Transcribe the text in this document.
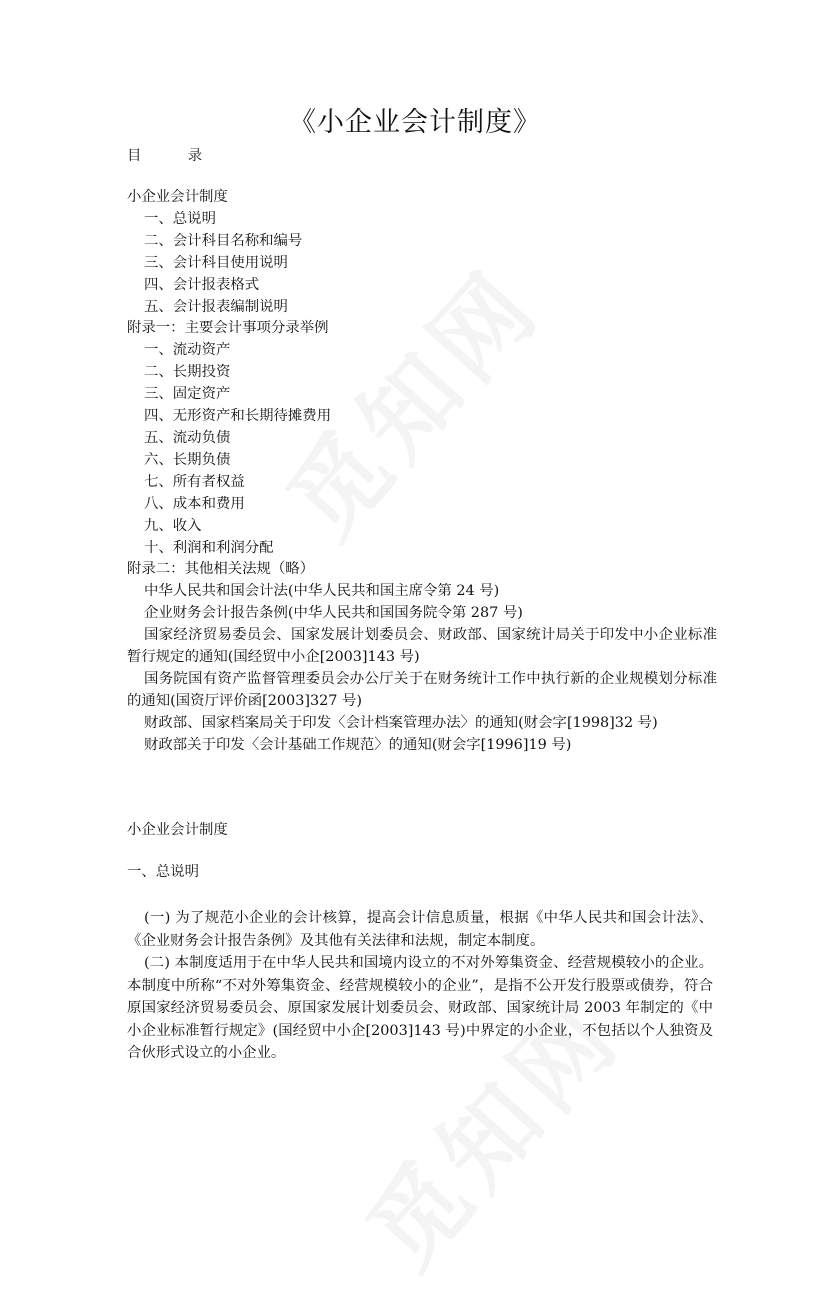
《小企业会计制度》
目　录
小企业会计制度
一、总说明
二、会计科目名称和编号
三、会计科目使用说明
四、会计报表格式
五、会计报表编制说明
附录一：主要会计事项分录举例
一、流动资产
二、长期投资
三、固定资产
四、无形资产和长期待摊费用
五、流动负债
六、长期负债
七、所有者权益
八、成本和费用
九、收入
十、利润和利润分配
附录二：其他相关法规（略）
中华人民共和国会计法(中华人民共和国主席令第 24 号)
企业财务会计报告条例(中华人民共和国国务院令第 287 号)
国家经济贸易委员会、国家发展计划委员会、财政部、国家统计局关于印发中小企业标准暂行规定的通知(国经贸中小企[2003]143 号)
国务院国有资产监督管理委员会办公厅关于在财务统计工作中执行新的企业规模划分标准的通知(国资厅评价函[2003]327 号)
财政部、国家档案局关于印发〈会计档案管理办法〉的通知(财会字[1998]32 号)
财政部关于印发〈会计基础工作规范〉的通知(财会字[1996]19 号)
小企业会计制度
一、总说明
(一) 为了规范小企业的会计核算，提高会计信息质量，根据《中华人民共和国会计法》、《企业财务会计报告条例》及其他有关法律和法规，制定本制度。
(二) 本制度适用于在中华人民共和国境内设立的不对外筹集资金、经营规模较小的企业。本制度中所称“不对外筹集资金、经营规模较小的企业”，是指不公开发行股票或债券，符合原国家经济贸易委员会、原国家发展计划委员会、财政部、国家统计局 2003 年制定的《中小企业标准暂行规定》(国经贸中小企[2003]143 号)中界定的小企业，不包括以个人独资及合伙形式设立的小企业。
